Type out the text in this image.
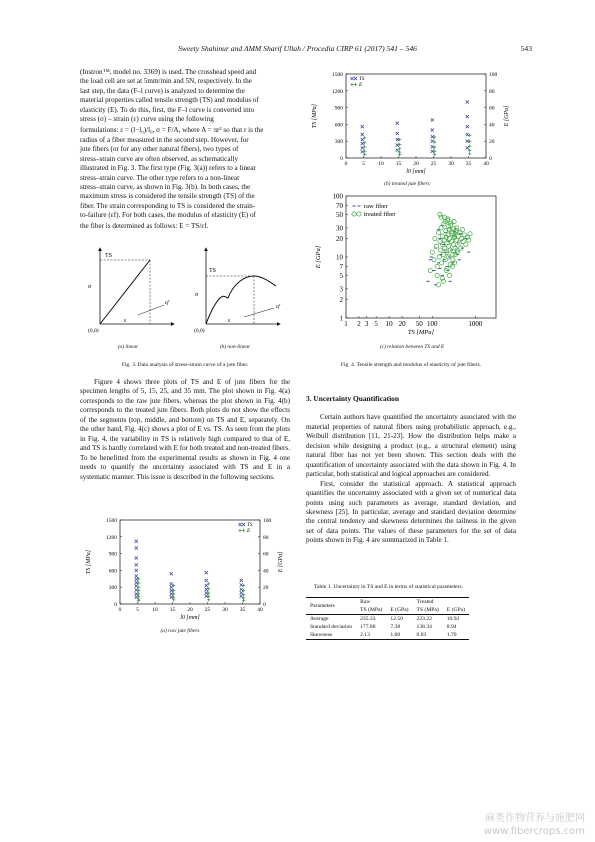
Sweety Shahinur and AMM Sharif Ullah / Procedia CIRP 61 (2017) 541 – 546	543

(Instron™, model no. 3369) is used. The crosshead speed and

the load cell are set at 5mm/min and 5N, respectively. In the

last step, the data (F–l curve) is analyzed to determine the

material properties called tensile strength (TS) and modulus of

elasticity (E). To do this, first, the F–l curve is converted into

stress (σ) – strain (ε) curve using the following

formulations: ε = (l−l₀)/l₀, σ = F/A, where A = πr² so that r is the

radius of a fiber measured in the second step. However, for

jute fibers (or for any other natural fibers), two types of

stress–strain curve are often observed, as schematically

illustrated in Fig. 3. The first type (Fig. 3(a)) refers to a linear

stress–strain curve. The other type refers to a non-linear

stress–strain curve, as shown in Fig. 3(b). In both cases, the

maximum stress is considered the tensile strength (TS) of the

fiber. The strain corresponding to TS is considered the strain-

to-failure (εf). For both cases, the modulus of elasticity (E) of

the fiber is determined as follows: E = TS/εf.

TS
σ
εf
ε
(0,0)
TS
σ
εf
ε
(0,0)
(a) linear	(b) non-linear
Fig. 3. Data analysis of stress-strain curve of a jute fiber.

Figure 4 shows three plots of TS and E of jute fibers for the specimen lengths of 5, 15, 25, and 35 mm. The plot shown in Fig. 4(a) corresponds to the raw jute fibers, whereas the plot shown in Fig. 4(b) corresponds to the treated jute fibers. Both plots do not show the effects of the segments (top, middle, and bottom) on TS and E, separately. On the other hand, Fig. 4(c) shows a plot of E vs. TS. As seen from the plots in Fig. 4, the variability in TS is relatively high compared to that of E, and TS is hardly correlated with E for both treated and non-treated fibers. To be benefitted from the experimental results as shown in Fig. 4 one needs to quantify the uncertainty associated with TS and E in a systematic manner. This issue is described in the following sections.

0	5 10 15 20 25 30 35 40
0
300
600
900
1200
1500
0
20
40
60
80
100
l0 [mm]
TS [MPa]	E [GPa]
TS
E
(a) raw jute fibers
0	5 10 15 20 25 30 35 40
0
300
600
900
1200
1500
0
20
40
60
80
100
l0 [mm]
TS [MPa]	E [GPa]
TS
E
(b) treated jute fibers
1 2 3 5 10 20 50 100	1000
1
2
3
5
7
10
20
30
50
70
100
TS [MPa]
E [GPa]
raw fiber
treated fiber
(c) relation between TS and E
Fig. 4. Tensile strength and modulus of elasticity of jute fibers.

3. Uncertainty Quantification

Certain authors have quantified the uncertainty associated with the material properties of natural fibers using probabilistic approach, e.g., Weibull distribution [11, 21-23]. How the distribution helps make a decision while designing a product (e.g., a structural element) using natural fiber has not yet been shown. This section deals with the quantification of uncertainty associated with the data shown in Fig. 4. In particular, both statistical and logical approaches are considered.

First, consider the statistical approach. A statistical approach quantifies the uncertainty associated with a given set of numerical data points using such parameters as average, standard deviation, and skewness [25]. In particular, average and standard deviation determine the central tendency and skewness determines the tailness in the given set of data points. The values of these parameters for the set of data points shown in Fig. 4 are summarized in Table 1.

Table 1. Uncertainty in TS and E in terms of statistical parameters.
Parameters	Raw		Treated	
	TS (MPa)	E (GPa)	TS (MPa)	E (GPa)
Average	235.33	12.50	223.22	10.92
Standard deviation	177.88	7.38	138.34	8.94
Skewness	2.13	1.00	0.83	1.70
麻类作物营养与施肥网
www.fibercrops.com
